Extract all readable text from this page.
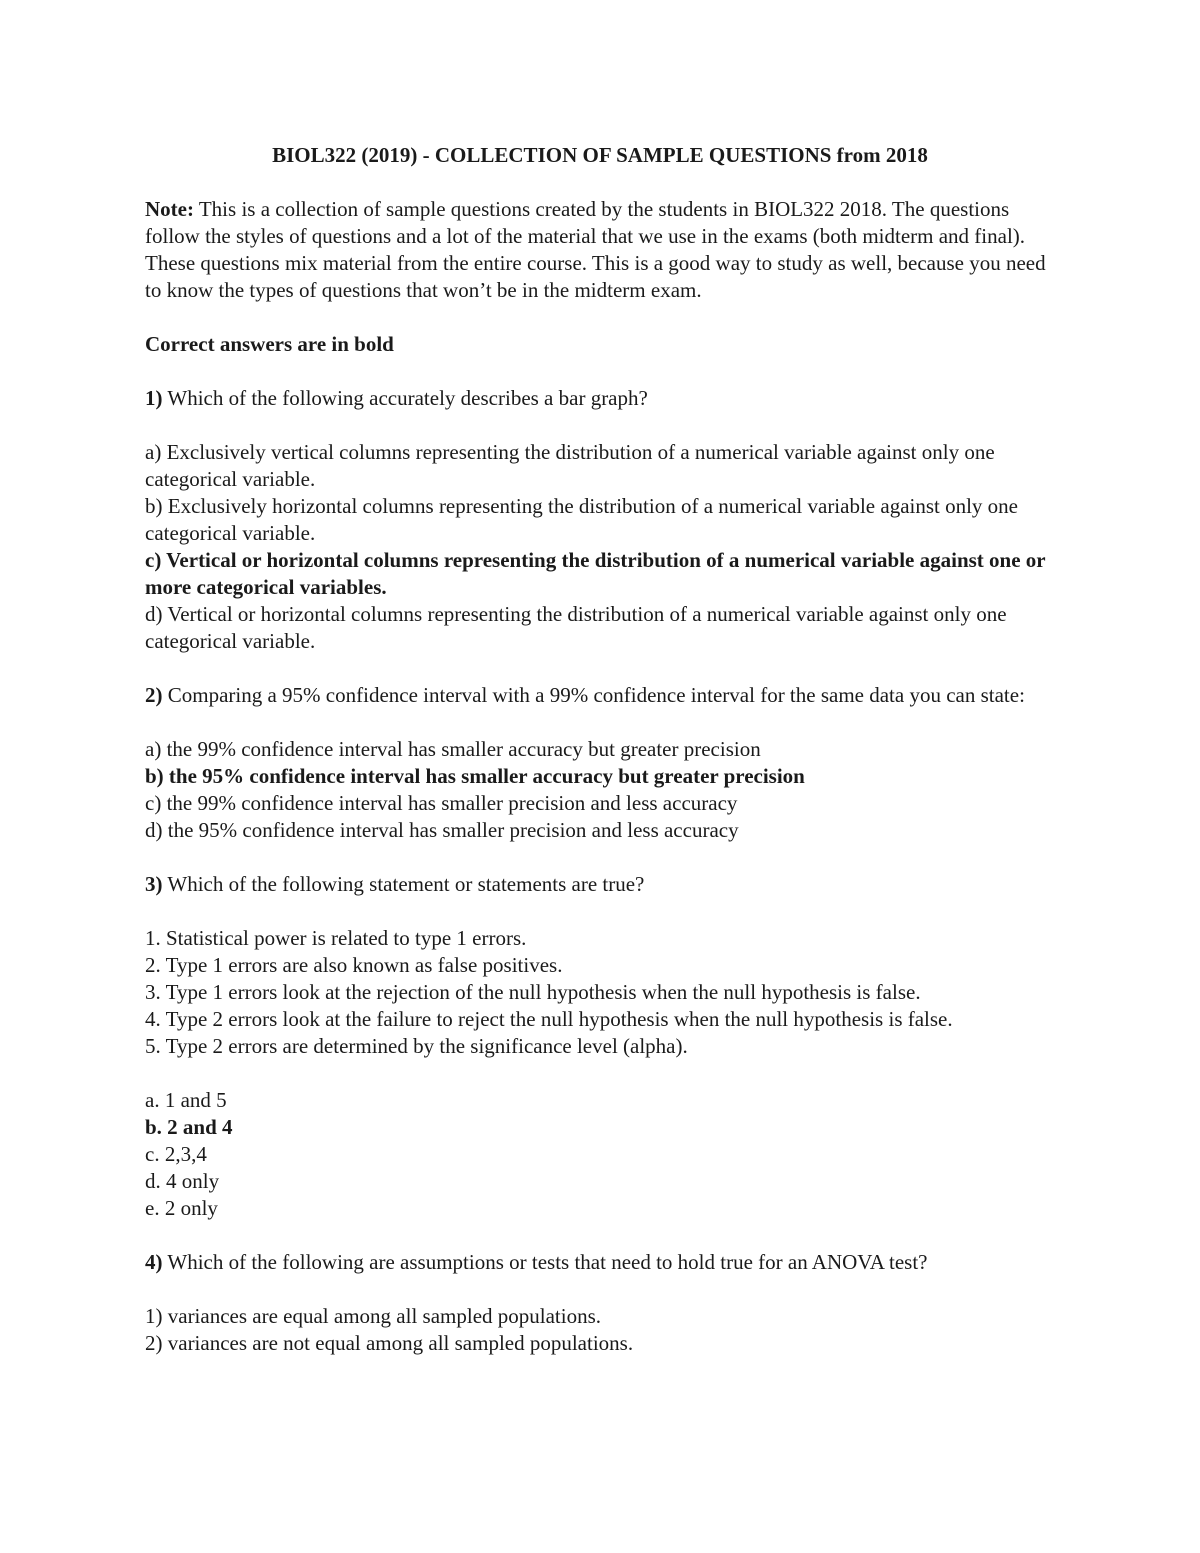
BIOL322 (2019) - COLLECTION OF SAMPLE QUESTIONS from 2018
Note: This is a collection of sample questions created by the students in BIOL322 2018. The questions follow the styles of questions and a lot of the material that we use in the exams (both midterm and final). These questions mix material from the entire course. This is a good way to study as well, because you need to know the types of questions that won’t be in the midterm exam.
Correct answers are in bold
1) Which of the following accurately describes a bar graph?
a) Exclusively vertical columns representing the distribution of a numerical variable against only one categorical variable.
b) Exclusively horizontal columns representing the distribution of a numerical variable against only one categorical variable.
c) Vertical or horizontal columns representing the distribution of a numerical variable against one or more categorical variables.
d) Vertical or horizontal columns representing the distribution of a numerical variable against only one categorical variable.
2) Comparing a 95% confidence interval with a 99% confidence interval for the same data you can state:
a) the 99% confidence interval has smaller accuracy but greater precision
b) the 95% confidence interval has smaller accuracy but greater precision
c) the 99% confidence interval has smaller precision and less accuracy
d) the 95% confidence interval has smaller precision and less accuracy
3) Which of the following statement or statements are true?
1. Statistical power is related to type 1 errors.
2. Type 1 errors are also known as false positives.
3. Type 1 errors look at the rejection of the null hypothesis when the null hypothesis is false.
4. Type 2 errors look at the failure to reject the null hypothesis when the null hypothesis is false.
5. Type 2 errors are determined by the significance level (alpha).
a. 1 and 5
b. 2 and 4
c. 2,3,4
d. 4 only
e. 2 only
4) Which of the following are assumptions or tests that need to hold true for an ANOVA test?
1) variances are equal among all sampled populations.
2) variances are not equal among all sampled populations.
